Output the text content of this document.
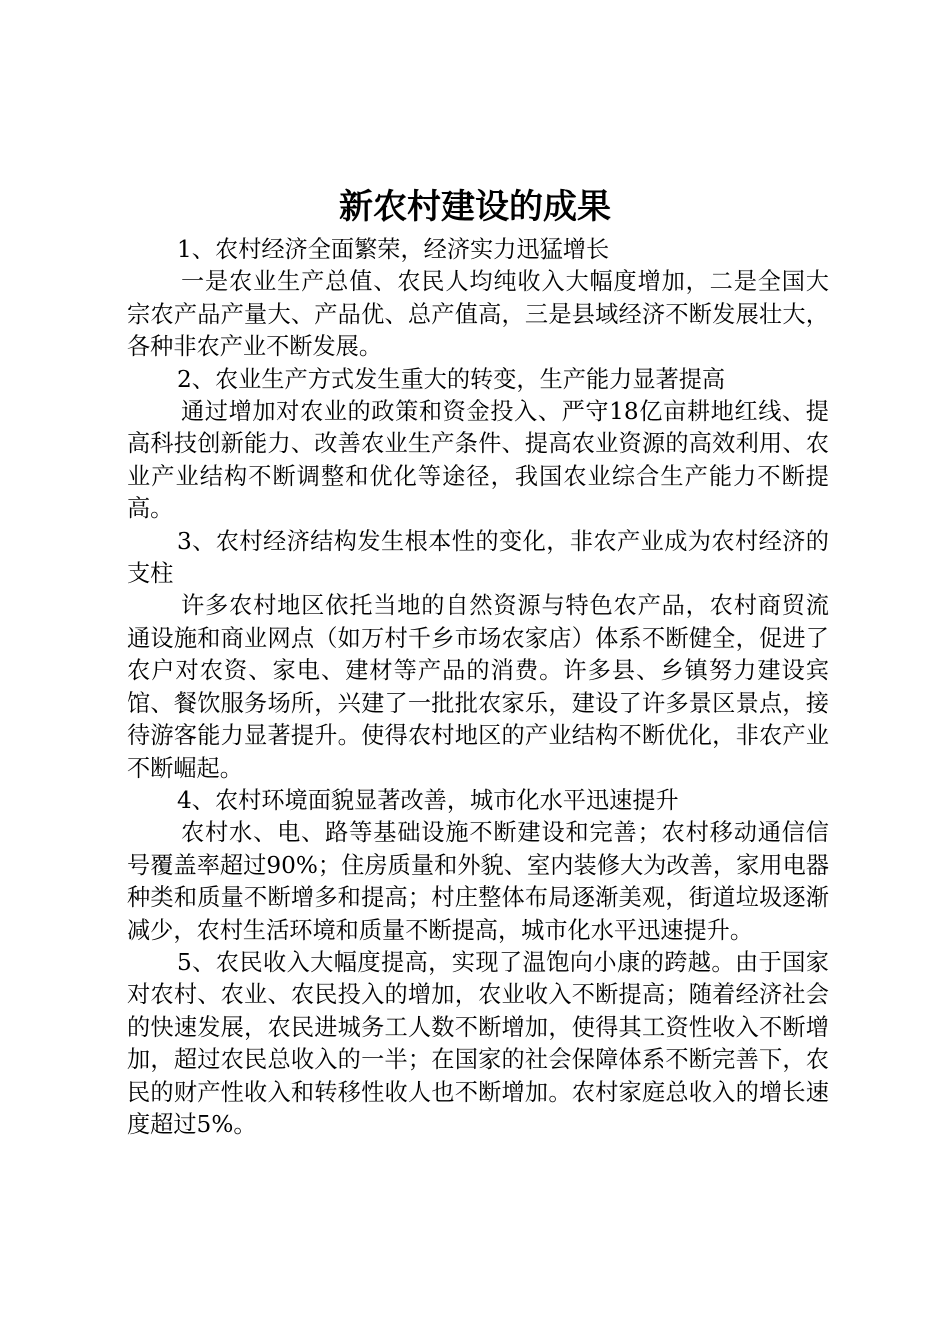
新农村建设的成果

1、农村经济全面繁荣，经济实力迅猛增长

一是农业生产总值、农民人均纯收入大幅度增加，二是全国大宗农产品产量大、产品优、总产值高，三是县域经济不断发展壮大，各种非农产业不断发展。

2、农业生产方式发生重大的转变，生产能力显著提高

通过增加对农业的政策和资金投入、严守18亿亩耕地红线、提高科技创新能力、改善农业生产条件、提高农业资源的高效利用、农业产业结构不断调整和优化等途径，我国农业综合生产能力不断提高。

3、农村经济结构发生根本性的变化，非农产业成为农村经济的支柱

许多农村地区依托当地的自然资源与特色农产品，农村商贸流通设施和商业网点（如万村千乡市场农家店）体系不断健全，促进了农户对农资、家电、建材等产品的消费。许多县、乡镇努力建设宾馆、餐饮服务场所，兴建了一批批农家乐，建设了许多景区景点，接待游客能力显著提升。使得农村地区的产业结构不断优化，非农产业不断崛起。

4、农村环境面貌显著改善，城市化水平迅速提升

农村水、电、路等基础设施不断建设和完善；农村移动通信信号覆盖率超过90%；住房质量和外貌、室内装修大为改善，家用电器种类和质量不断增多和提高；村庄整体布局逐渐美观，街道垃圾逐渐减少，农村生活环境和质量不断提高，城市化水平迅速提升。

5、农民收入大幅度提高，实现了温饱向小康的跨越。由于国家对农村、农业、农民投入的增加，农业收入不断提高；随着经济社会的快速发展，农民进城务工人数不断增加，使得其工资性收入不断增加，超过农民总收入的一半；在国家的社会保障体系不断完善下，农民的财产性收入和转移性收人也不断增加。农村家庭总收入的增长速度超过5%。
